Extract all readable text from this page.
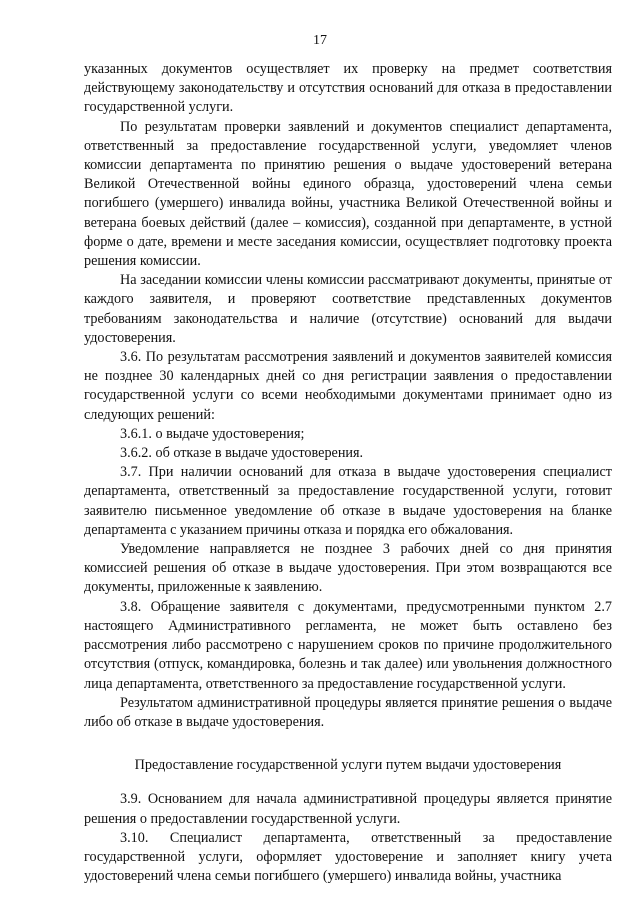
17

указанных документов осуществляет их проверку на предмет соответствия действующему законодательству и отсутствия оснований для отказа в предоставлении государственной услуги.

По результатам проверки заявлений и документов специалист департамента, ответственный за предоставление государственной услуги, уведомляет членов комиссии департамента по принятию решения о выдаче удостоверений ветерана Великой Отечественной войны единого образца, удостоверений члена семьи погибшего (умершего) инвалида войны, участника Великой Отечественной войны и ветерана боевых действий (далее – комиссия), созданной при департаменте, в устной форме о дате, времени и месте заседания комиссии, осуществляет подготовку проекта решения комиссии.

На заседании комиссии члены комиссии рассматривают документы, принятые от каждого заявителя, и проверяют соответствие представленных документов требованиям законодательства и наличие (отсутствие) оснований для выдачи удостоверения.

3.6. По результатам рассмотрения заявлений и документов заявителей комиссия не позднее 30 календарных дней со дня регистрации заявления о предоставлении государственной услуги со всеми необходимыми документами принимает одно из следующих решений:

3.6.1. о выдаче удостоверения;

3.6.2. об отказе в выдаче удостоверения.

3.7. При наличии оснований для отказа в выдаче удостоверения специалист департамента, ответственный за предоставление государственной услуги, готовит заявителю письменное уведомление об отказе в выдаче удостоверения на бланке департамента с указанием причины отказа и порядка его обжалования.

Уведомление направляется не позднее 3 рабочих дней со дня принятия комиссией решения об отказе в выдаче удостоверения. При этом возвращаются все документы, приложенные к заявлению.

3.8. Обращение заявителя с документами, предусмотренными пунктом 2.7 настоящего Административного регламента, не может быть оставлено без рассмотрения либо рассмотрено с нарушением сроков по причине продолжительного отсутствия (отпуск, командировка, болезнь и так далее) или увольнения должностного лица департамента, ответственного за предоставление государственной услуги.

Результатом административной процедуры является принятие решения о выдаче либо об отказе в выдаче удостоверения.

Предоставление государственной услуги путем выдачи удостоверения

3.9. Основанием для начала административной процедуры является принятие решения о предоставлении государственной услуги.

3.10. Специалист департамента, ответственный за предоставление государственной услуги, оформляет удостоверение и заполняет книгу учета удостоверений члена семьи погибшего (умершего) инвалида войны, участника
